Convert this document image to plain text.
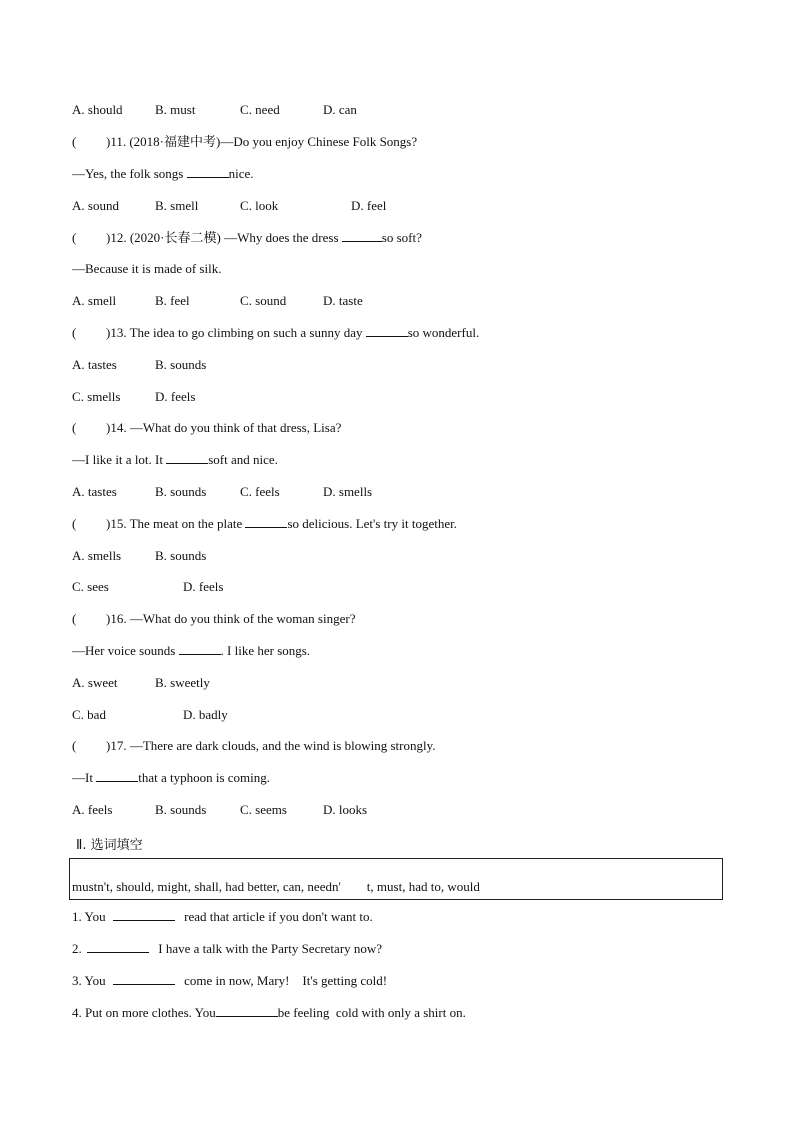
A. should B. must	C. need	D. can
( )11. (2018·福建中考)—Do you enjoy Chinese Folk Songs?
—Yes, the folk songs	nice.
A. sound	B. smell	C. look	D. feel
( )12. (2020·长春二模) —Why does the dress	so soft?
—Because it is made of silk.
A. smell	B. feel	C. sound	D. taste
( )13. The idea to go climbing on such a sunny day	so wonderful.
A. tastes	B. sounds
C. smells	D. feels
( )14. —What do you think of that dress, Lisa?
—I like it a lot. It	soft and nice.
A. tastes	B. sounds	C. feels	D. smells
( )15. The meat on the plate	so delicious. Let's try it together.
A. smells	B. sounds
C. sees	D. feels
( )16. —What do you think of the woman singer?
—Her voice sounds	. I like her songs.
A. sweet	B. sweetly
C. bad	D. badly
( )17. —There are dark clouds, and the wind is blowing strongly.
—It	that a typhoon is coming.
A. feels	B. sounds	C. seems	D. looks
Ⅱ. 选词填空
mustn't, should, might, shall, had better, can, needn'        t, must, had to, would
1. You	read that article if you don't want to.
2.	I have a talk with the Party Secretary now?
3. You	come in now, Mary!    It's getting cold!
4. Put on more clothes. You	be feeling  cold with only a shirt on.
